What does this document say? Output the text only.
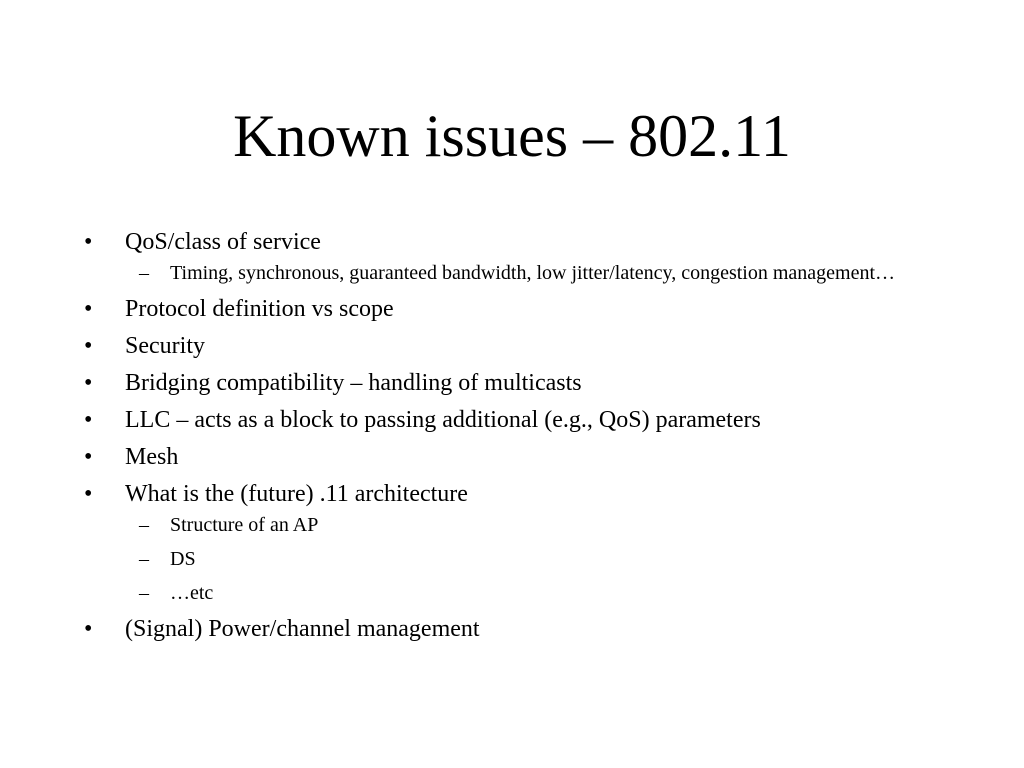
Known issues – 802.11
•	QoS/class of service
–	Timing, synchronous, guaranteed bandwidth, low jitter/latency, congestion management…
•	Protocol definition vs scope
•	Security
•	Bridging compatibility – handling of multicasts
•	LLC – acts as a block to passing additional (e.g., QoS) parameters
•	Mesh
•	What is the (future) .11 architecture
–	Structure of an AP
–	DS
–	…etc
•	(Signal) Power/channel management
